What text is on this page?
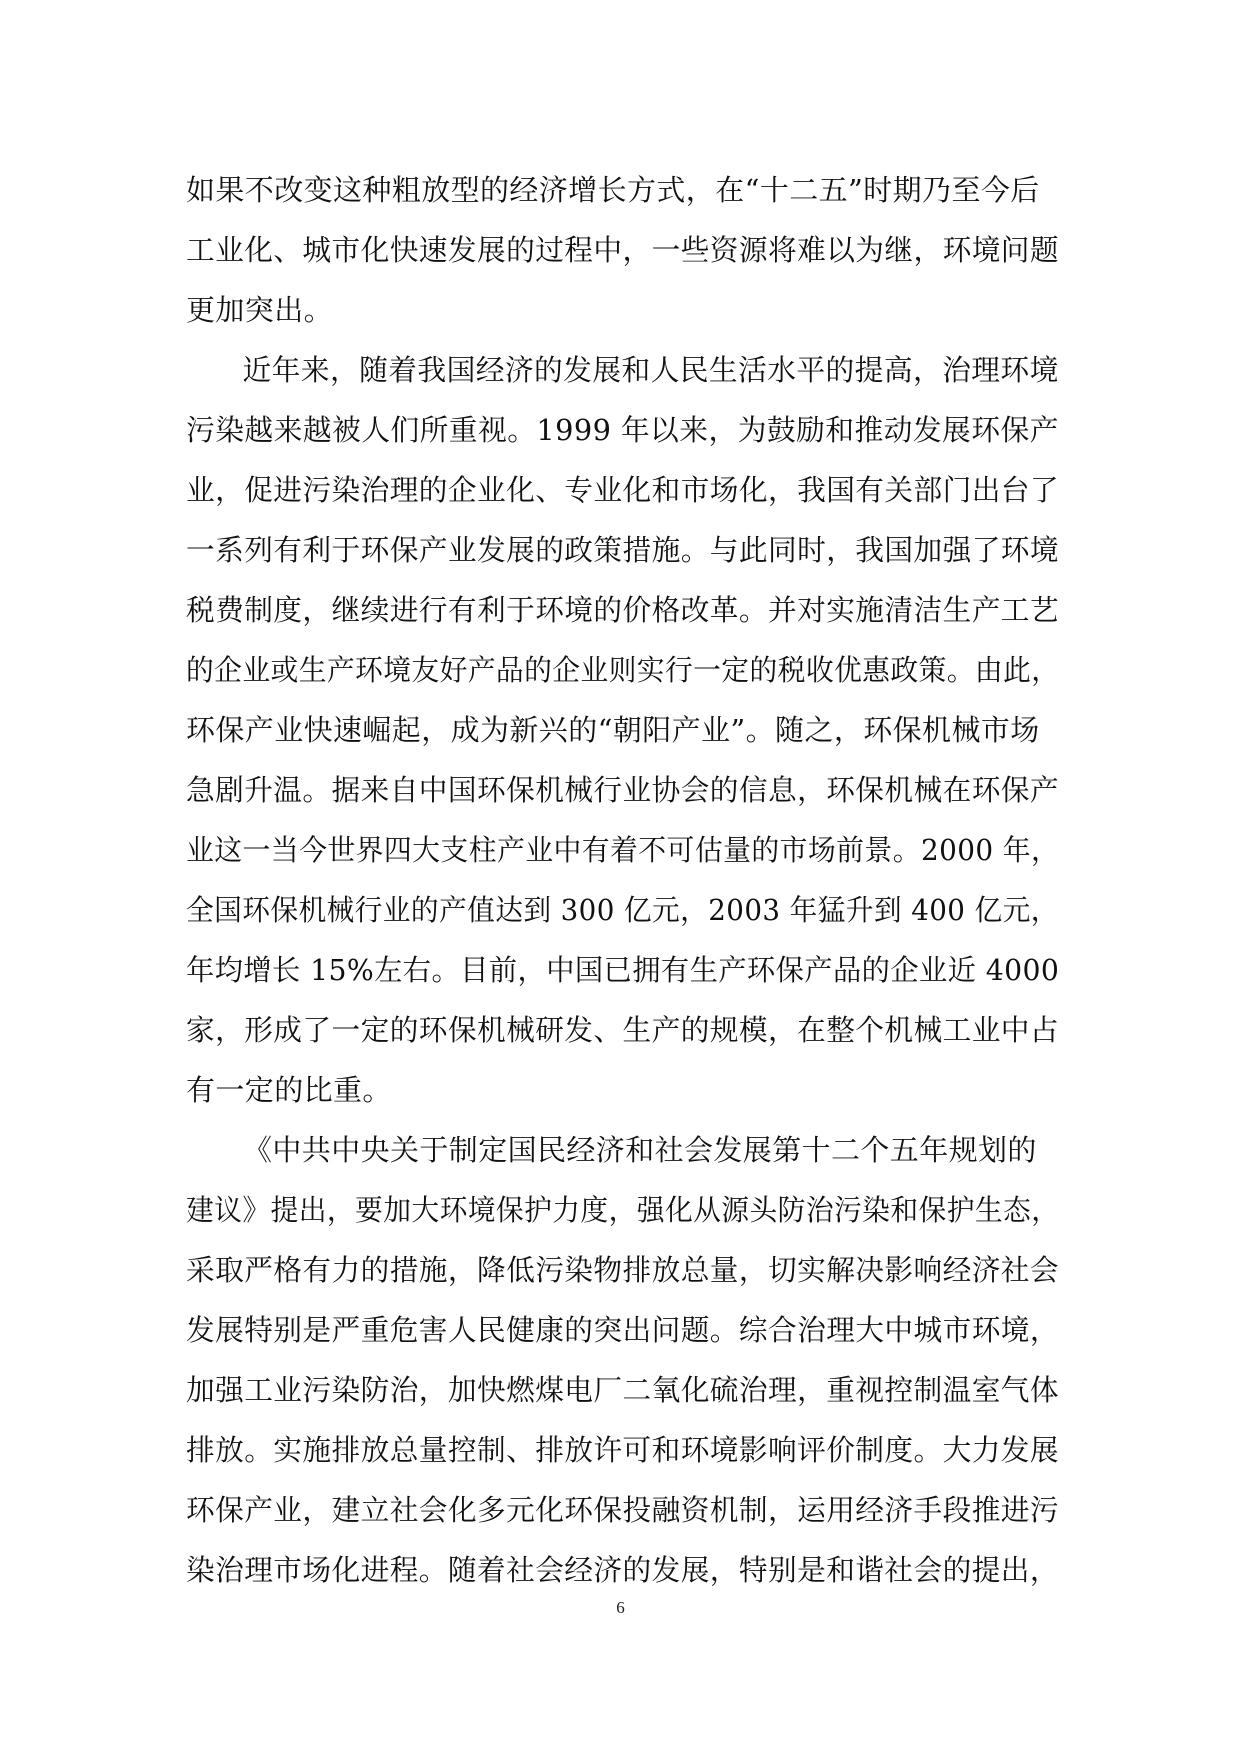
如果不改变这种粗放型的经济增长方式，在“十二五”时期乃至今后
工业化、城市化快速发展的过程中，一些资源将难以为继，环境问题
更加突出。
近年来，随着我国经济的发展和人民生活水平的提高，治理环境
污染越来越被人们所重视。1999 年以来，为鼓励和推动发展环保产
业，促进污染治理的企业化、专业化和市场化，我国有关部门出台了
一系列有利于环保产业发展的政策措施。与此同时，我国加强了环境
税费制度，继续进行有利于环境的价格改革。并对实施清洁生产工艺
的企业或生产环境友好产品的企业则实行一定的税收优惠政策。由此，
环保产业快速崛起，成为新兴的“朝阳产业”。随之，环保机械市场
急剧升温。据来自中国环保机械行业协会的信息，环保机械在环保产
业这一当今世界四大支柱产业中有着不可估量的市场前景。2000 年，
全国环保机械行业的产值达到 300 亿元，2003 年猛升到 400 亿元，
年均增长 15%左右。目前，中国已拥有生产环保产品的企业近 4000
家，形成了一定的环保机械研发、生产的规模，在整个机械工业中占
有一定的比重。
《中共中央关于制定国民经济和社会发展第十二个五年规划的
建议》提出，要加大环境保护力度，强化从源头防治污染和保护生态，
采取严格有力的措施，降低污染物排放总量，切实解决影响经济社会
发展特别是严重危害人民健康的突出问题。综合治理大中城市环境，
加强工业污染防治，加快燃煤电厂二氧化硫治理，重视控制温室气体
排放。实施排放总量控制、排放许可和环境影响评价制度。大力发展
环保产业，建立社会化多元化环保投融资机制，运用经济手段推进污
染治理市场化进程。随着社会经济的发展，特别是和谐社会的提出，
6
